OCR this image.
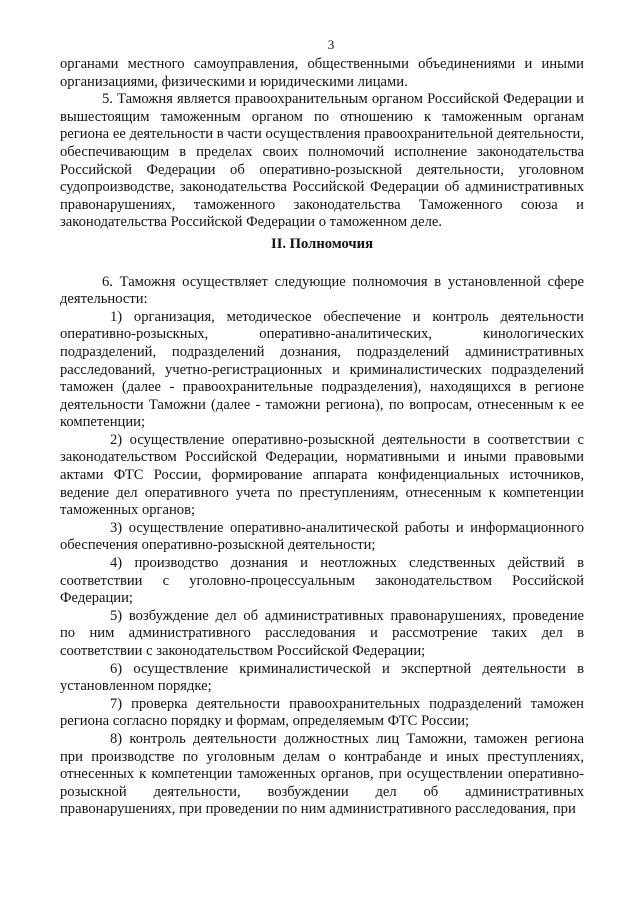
3

органами местного самоуправления, общественными объединениями и иными организациями, физическими и юридическими лицами.

5. Таможня является правоохранительным органом Российской Федерации и вышестоящим таможенным органом по отношению к таможенным органам региона ее деятельности в части осуществления правоохранительной деятельности, обеспечивающим в пределах своих полномочий исполнение законодательства Российской Федерации об оперативно-розыскной деятельности, уголовном судопроизводстве, законодательства Российской Федерации об административных правонарушениях, таможенного законодательства Таможенного союза и законодательства Российской Федерации о таможенном деле.

II. Полномочия

6. Таможня осуществляет следующие полномочия в установленной сфере деятельности:

1) организация, методическое обеспечение и контроль деятельности оперативно-розыскных, оперативно-аналитических, кинологических подразделений, подразделений дознания, подразделений административных расследований, учетно-регистрационных и криминалистических подразделений таможен (далее - правоохранительные подразделения), находящихся в регионе деятельности Таможни (далее - таможни региона), по вопросам, отнесенным к ее компетенции;

2) осуществление оперативно-розыскной деятельности в соответствии с законодательством Российской Федерации, нормативными и иными правовыми актами ФТС России, формирование аппарата конфиденциальных источников, ведение дел оперативного учета по преступлениям, отнесенным к компетенции таможенных органов;

3) осуществление оперативно-аналитической работы и информационного обеспечения оперативно-розыскной деятельности;

4) производство дознания и неотложных следственных действий в соответствии с уголовно-процессуальным законодательством Российской Федерации;

5) возбуждение дел об административных правонарушениях, проведение по ним административного расследования и рассмотрение таких дел в соответствии с законодательством Российской Федерации;

6) осуществление криминалистической и экспертной деятельности в установленном порядке;

7) проверка деятельности правоохранительных подразделений таможен региона согласно порядку и формам, определяемым ФТС России;

8) контроль деятельности должностных лиц Таможни, таможен региона при производстве по уголовным делам о контрабанде и иных преступлениях, отнесенных к компетенции таможенных органов, при осуществлении оперативно-розыскной деятельности, возбуждении дел об административных правонарушениях, при проведении по ним административного расследования, при
